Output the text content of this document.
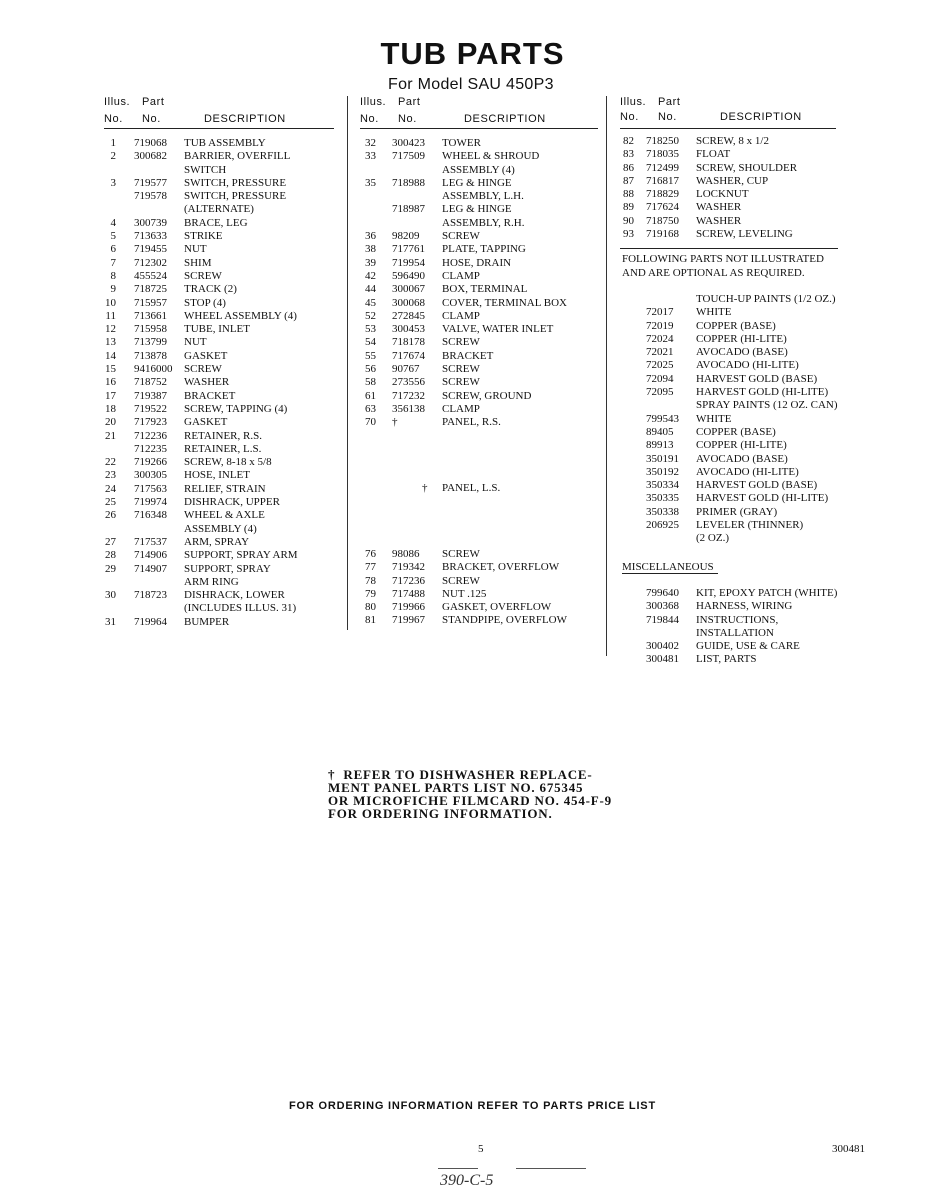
TUB PARTS
For Model SAU 450P3
Illus. Part
No. No.	DESCRIPTION
1 719068 TUB ASSEMBLY
2 300682 BARRIER, OVERFILL
SWITCH
3 719577 SWITCH, PRESSURE
719578 SWITCH, PRESSURE
(ALTERNATE)
4 300739 BRACE, LEG
5 713633 STRIKE
6 719455 NUT
7 712302 SHIM
8 455524 SCREW
9 718725 TRACK (2)
10 715957 STOP (4)
11 713661 WHEEL ASSEMBLY (4)
12 715958 TUBE, INLET
13 713799 NUT
14 713878 GASKET
15 9416000 SCREW
16 718752 WASHER
17 719387 BRACKET
18 719522 SCREW, TAPPING (4)
20 717923 GASKET
21 712236 RETAINER, R.S.
712235 RETAINER, L.S.
22 719266 SCREW, 8-18 x 5/8
23 300305 HOSE, INLET
24 717563 RELIEF, STRAIN
25 719974 DISHRACK, UPPER
26 716348 WHEEL & AXLE
ASSEMBLY (4)
27 717537 ARM, SPRAY
28 714906 SUPPORT, SPRAY ARM
29 714907 SUPPORT, SPRAY
ARM RING
30 718723 DISHRACK, LOWER
(INCLUDES ILLUS. 31)
31 719964 BUMPER
Illus. Part
No. No.	DESCRIPTION
32 300423 TOWER
33 717509 WHEEL & SHROUD
ASSEMBLY (4)
35 718988 LEG & HINGE
ASSEMBLY, L.H.
718987 LEG & HINGE
ASSEMBLY, R.H.
36 98209 SCREW
38 717761 PLATE, TAPPING
39 719954 HOSE, DRAIN
42 596490 CLAMP
44 300067 BOX, TERMINAL
45 300068 COVER, TERMINAL BOX
52 272845 CLAMP
53 300453 VALVE, WATER INLET
54 718178 SCREW
55 717674 BRACKET
56 90767 SCREW
58 273556 SCREW
61 717232 SCREW, GROUND
63 356138 CLAMP
70 †	PANEL, R.S.
† PANEL, L.S.
76 98086 SCREW
77 719342 BRACKET, OVERFLOW
78 717236 SCREW
79 717488 NUT .125
80 719966 GASKET, OVERFLOW
81 719967 STANDPIPE, OVERFLOW
Illus. Part
No. No.	DESCRIPTION
82 718250 SCREW, 8 x 1/2
83 718035 FLOAT
86 712499 SCREW, SHOULDER
87 716817 WASHER, CUP
88 718829 LOCKNUT
89 717624 WASHER
90 718750 WASHER
93 719168 SCREW, LEVELING
FOLLOWING PARTS NOT ILLUSTRATED
AND ARE OPTIONAL AS REQUIRED.
TOUCH-UP PAINTS (1/2 OZ.)
72017 WHITE
72019 COPPER (BASE)
72024 COPPER (HI-LITE)
72021 AVOCADO (BASE)
72025 AVOCADO (HI-LITE)
72094 HARVEST GOLD (BASE)
72095 HARVEST GOLD (HI-LITE)
SPRAY PAINTS (12 OZ. CAN)
799543 WHITE
89405 COPPER (BASE)
89913 COPPER (HI-LITE)
350191 AVOCADO (BASE)
350192 AVOCADO (HI-LITE)
350334 HARVEST GOLD (BASE)
350335 HARVEST GOLD (HI-LITE)
350338 PRIMER (GRAY)
206925 LEVELER (THINNER)
(2 OZ.)
MISCELLANEOUS
799640 KIT, EPOXY PATCH (WHITE)
300368 HARNESS, WIRING
719844 INSTRUCTIONS,
INSTALLATION
300402 GUIDE, USE & CARE
300481 LIST, PARTS
†  REFER TO DISHWASHER REPLACE-
MENT PANEL PARTS LIST NO. 675345
OR MICROFICHE FILMCARD NO. 454-F-9
FOR ORDERING INFORMATION.
FOR ORDERING INFORMATION REFER TO PARTS PRICE LIST
5	300481
390-C-5
